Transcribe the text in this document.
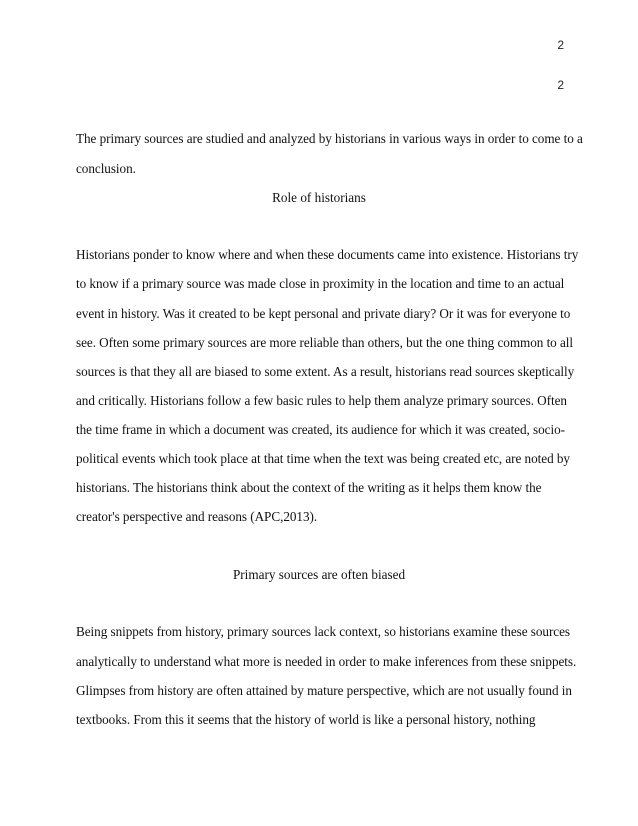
2
2
The primary sources are studied and analyzed by historians in various ways in order to come to a
conclusion.
Role of historians
Historians ponder to know where and when these documents came into existence. Historians try
to know if a primary source was made close in proximity in the location and time to an actual
event in history. Was it created to be kept personal and private diary? Or it was for everyone to
see. Often some primary sources are more reliable than others, but the one thing common to all
sources is that they all are biased to some extent. As a result, historians read sources skeptically
and critically. Historians follow a few basic rules to help them analyze primary sources. Often
the time frame in which a document was created, its audience for which it was created, socio-
political events which took place at that time when the text was being created etc, are noted by
historians. The historians think about the context of the writing as it helps them know the
creator's perspective and reasons (APC,2013).
Primary sources are often biased
Being snippets from history, primary sources lack context, so historians examine these sources
analytically to understand what more is needed in order to make inferences from these snippets.
Glimpses from history are often attained by mature perspective, which are not usually found in
textbooks. From this it seems that the history of world is like a personal history, nothing
